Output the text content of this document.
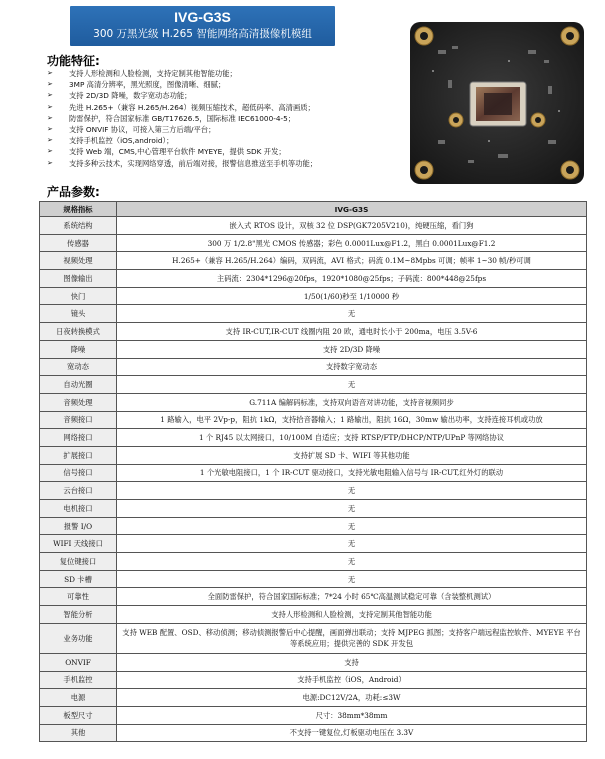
IVG-G3S
300 万黑光级 H.265 智能网络高清摄像机模组
功能特征:
➢ 支持人形检测和人脸检测，支持定制其他智能功能；
➢ 3MP 高清分辨率，黑光照度，图像清晰、细腻；
➢ 支持 2D/3D 降噪，数字宽动态功能；
➢ 先进 H.265+（兼容 H.265/H.264）视频压缩技术，超低码率、高清画质；
➢ 防雷保护，符合国家标准 GB/T17626.5，国际标准 IEC61000-4-5；
➢ 支持 ONVIF 协议，可接入第三方后端/平台；
➢ 支持手机监控（iOS,android）；
➢ 支持 Web 端，CMS,中心管理平台软件 MYEYE，提供 SDK 开发；
➢ 支持多种云技术，实现网络穿透，前后端对接，报警信息推送至手机等功能；
产品参数:
规格指标	IVG-G3S
系统结构	嵌入式 RTOS 设计，双核 32 位 DSP(GK7205V210)，纯硬压缩，看门狗
传感器	300 万 1/2.8"黑光 CMOS 传感器；彩色 0.0001Lux@F1.2，黑白 0.0001Lux@F1.2
视频处理	H.265+（兼容 H.265/H.264）编码，双码流，AVI 格式；码流 0.1M~8Mpbs 可调；帧率 1~30 帧/秒可调
图像输出	主码流：2304*1296@20fps，1920*1080@25fps；子码流：800*448@25fps
快门	1/50(1/60)秒至 1/10000 秒
镜头	无
日夜转换模式	支持 IR-CUT,IR-CUT 线圈内阻 20 欧，通电时长小于 200ma，电压 3.5V-6
降噪	支持 2D/3D 降噪
宽动态	支持数字宽动态
自动光圈	无
音频处理	G.711A 编解码标准，支持双向语音对讲功能，支持音视频同步
音频接口	1 路输入，电平 2Vp-p，阻抗 1kΩ，支持拾音器输入；1 路输出，阻抗 16Ω，30mw 输出功率，支持连接耳机或功放
网络接口	1 个 RJ45 以太网接口，10/100M 自适应；支持 RTSP/FTP/DHCP/NTP/UPnP 等网络协议
扩展接口	支持扩展 SD 卡、WIFI 等其他功能
信号接口	1 个光敏电阻接口，1 个 IR-CUT 驱动接口，支持光敏电阻输入信号与 IR-CUT,红外灯的联动
云台接口	无
电机接口	无
报警 I/O	无
WIFI 天线接口	无
复位键接口	无
SD 卡槽	无
可靠性	全面防雷保护，符合国家国际标准；7*24 小时 65℃高温测试稳定可靠（含装整机测试）
智能分析	支持人形检测和人脸检测，支持定制其他智能功能
业务功能	支持 WEB 配置、OSD、移动侦测；移动侦测报警后中心提醒，画面弹出联动；支持 MJPEG 抓图；支持客户端远程监控软件、MYEYE 平台等系统应用；提供完善的 SDK 开发包
ONVIF	支持
手机监控	支持手机监控（iOS，Android）
电源	电源:DC12V/2A，功耗:≤3W
板型尺寸	尺寸：38mm*38mm
其他	不支持一键复位,灯板驱动电压在 3.3V
